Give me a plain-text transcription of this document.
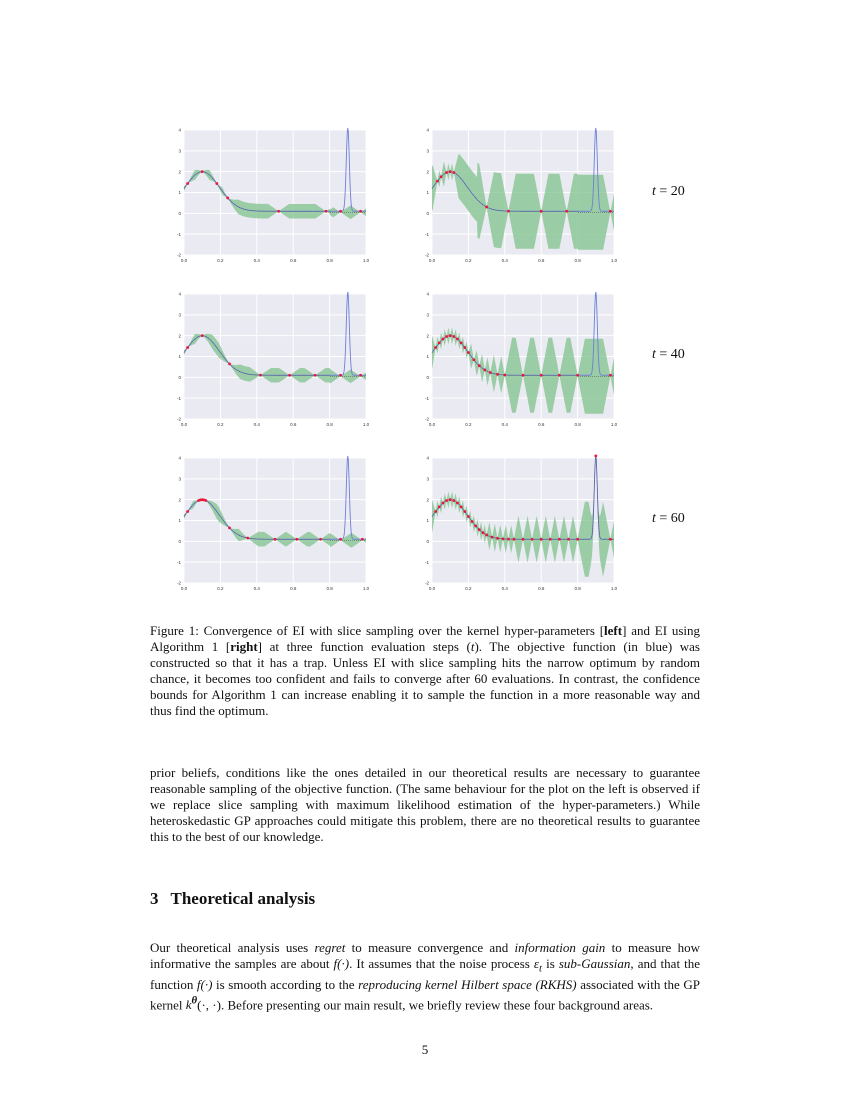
0.0	0.2	0.4	0.6	0.8	1.0
-2
-1
0
1
2
3
4
0.0	0.2	0.4	0.6	0.8	1.0
-2
-1
0
1
2
3
4
0.0	0.2	0.4	0.6	0.8	1.0
-2
-1
0
1
2
3
4
0.0	0.2	0.4	0.6	0.8	1.0
-2
-1
0
1
2
3
4
0.0	0.2	0.4	0.6	0.8	1.0
-2
-1
0
1
2
3
4
0.0	0.2	0.4	0.6	0.8	1.0
-2
-1
0
1
2
3
4
t = 20
t = 40
t = 60
Figure 1: Convergence of EI with slice sampling over the kernel hyper-parameters [left] and EI using Algorithm 1 [right] at three function evaluation steps (t). The objective function (in blue) was constructed so that it has a trap. Unless EI with slice sampling hits the narrow optimum by random chance, it becomes too confident and fails to converge after 60 evaluations. In contrast, the confidence bounds for Algorithm 1 can increase enabling it to sample the function in a more reasonable way and thus find the optimum.
prior beliefs, conditions like the ones detailed in our theoretical results are necessary to guarantee reasonable sampling of the objective function. (The same behaviour for the plot on the left is observed if we replace slice sampling with maximum likelihood estimation of the hyper-parameters.) While heteroskedastic GP approaches could mitigate this problem, there are no theoretical results to guarantee this to the best of our knowledge.
3 Theoretical analysis
Our theoretical analysis uses regret to measure convergence and information gain to measure how informative the samples are about f(·). It assumes that the noise process $\varepsilon_t$ is sub-Gaussian, and that the function f(·) is smooth according to the reproducing kernel Hilbert space (RKHS) associated with the GP kernel $k^\theta(\cdot$, ·). Before presenting our main result, we briefly review these four background areas.
5
